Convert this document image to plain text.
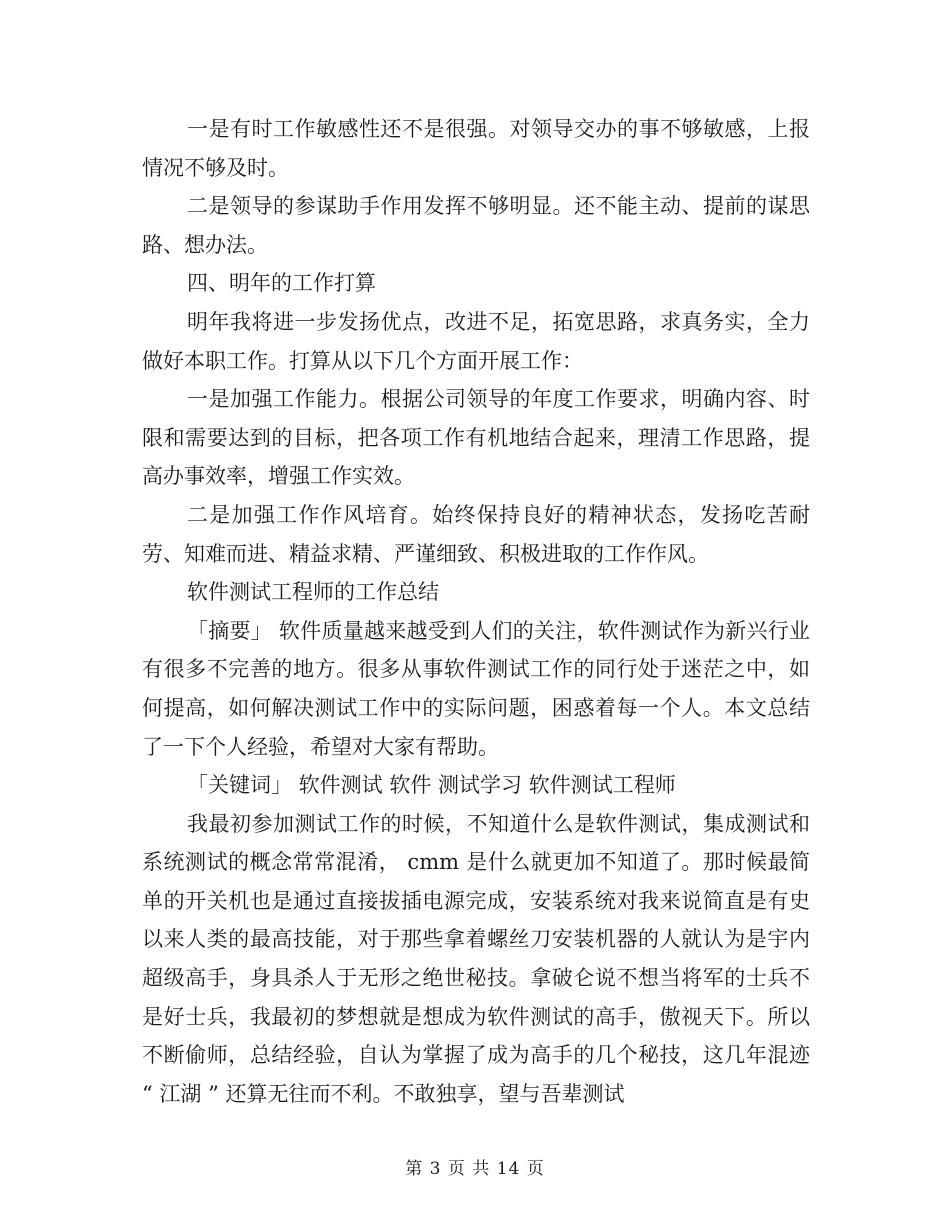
一是有时工作敏感性还不是很强。对领导交办的事不够敏感，上报情况不够及时。

二是领导的参谋助手作用发挥不够明显。还不能主动、提前的谋思路、想办法。

四、明年的工作打算

明年我将进一步发扬优点，改进不足，拓宽思路，求真务实，全力做好本职工作。打算从以下几个方面开展工作：

一是加强工作能力。根据公司领导的年度工作要求，明确内容、时限和需要达到的目标，把各项工作有机地结合起来，理清工作思路，提高办事效率，增强工作实效。

二是加强工作作风培育。始终保持良好的精神状态，发扬吃苦耐劳、知难而进、精益求精、严谨细致、积极进取的工作作风。

软件测试工程师的工作总结

「摘要」 软件质量越来越受到人们的关注，软件测试作为新兴行业有很多不完善的地方。很多从事软件测试工作的同行处于迷茫之中，如何提高，如何解决测试工作中的实际问题，困惑着每一个人。本文总结了一下个人经验，希望对大家有帮助。

「关键词」 软件测试 软件 测试学习 软件测试工程师

我最初参加测试工作的时候，不知道什么是软件测试，集成测试和系统测试的概念常常混淆， cmm 是什么就更加不知道了。那时候最简单的开关机也是通过直接拔插电源完成，安装系统对我来说简直是有史以来人类的最高技能，对于那些拿着螺丝刀安装机器的人就认为是宇内超级高手，身具杀人于无形之绝世秘技。拿破仑说不想当将军的士兵不是好士兵，我最初的梦想就是想成为软件测试的高手，傲视天下。所以不断偷师，总结经验，自认为掌握了成为高手的几个秘技，这几年混迹 “ 江湖 ” 还算无往而不利。不敢独享，望与吾辈测试

第 3 页 共 14 页
